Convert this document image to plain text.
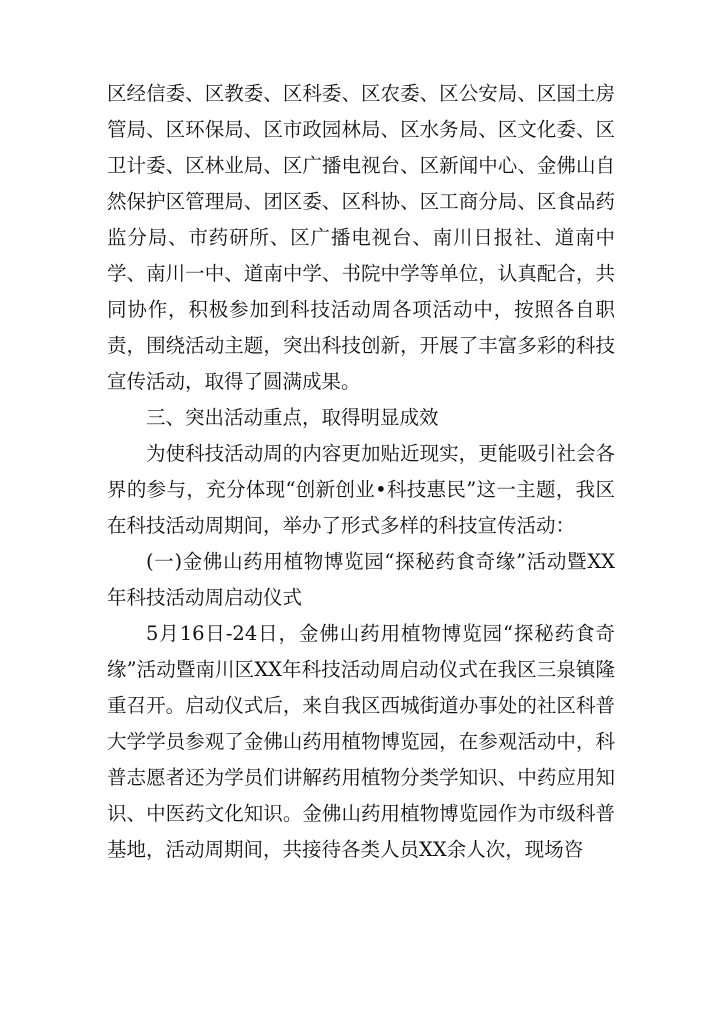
区经信委、区教委、区科委、区农委、区公安局、区国土房管局、区环保局、区市政园林局、区水务局、区文化委、区卫计委、区林业局、区广播电视台、区新闻中心、金佛山自然保护区管理局、团区委、区科协、区工商分局、区食品药监分局、市药研所、区广播电视台、南川日报社、道南中学、南川一中、道南中学、书院中学等单位，认真配合，共同协作，积极参加到科技活动周各项活动中，按照各自职责，围绕活动主题，突出科技创新，开展了丰富多彩的科技宣传活动，取得了圆满成果。

三、突出活动重点，取得明显成效

为使科技活动周的内容更加贴近现实，更能吸引社会各界的参与，充分体现“创新创业•科技惠民”这一主题，我区在科技活动周期间，举办了形式多样的科技宣传活动：

(一)金佛山药用植物博览园“探秘药食奇缘”活动暨XX年科技活动周启动仪式

5月16日-24日，金佛山药用植物博览园“探秘药食奇缘”活动暨南川区XX年科技活动周启动仪式在我区三泉镇隆重召开。启动仪式后，来自我区西城街道办事处的社区科普大学学员参观了金佛山药用植物博览园，在参观活动中，科普志愿者还为学员们讲解药用植物分类学知识、中药应用知识、中医药文化知识。金佛山药用植物博览园作为市级科普基地，活动周期间，共接待各类人员XX余人次，现场咨
